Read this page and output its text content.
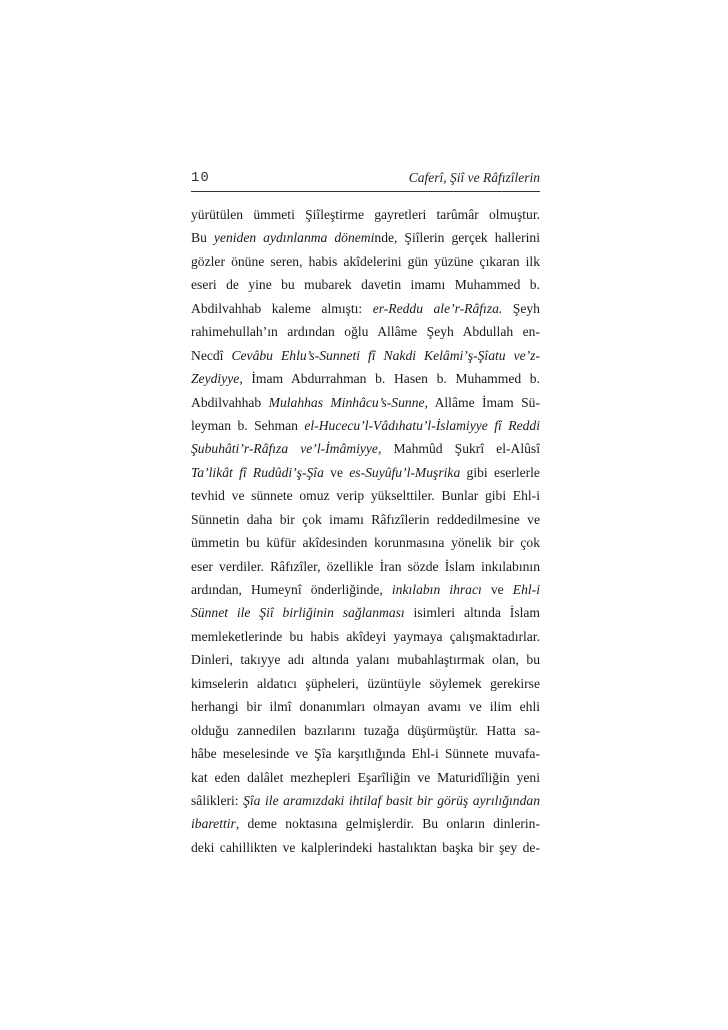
10	Caferî, Şiî ve Râfızîlerin
yürütülen ümmeti Şiîleştirme gayretleri tarûmâr olmuştur.
Bu yeniden aydınlanma döneminde, Şiîlerin gerçek hallerini
gözler önüne seren, habis akîdelerini gün yüzüne çıkaran ilk
eseri de yine bu mubarek davetin imamı Muhammed b.
Abdilvahhab kaleme almıştı: er-Reddu ale’r-Râfıza. Şeyh
rahimehullah’ın ardından oğlu Allâme Şeyh Abdullah en-
Necdî Cevâbu Ehlu’s-Sunneti fî Nakdi Kelâmi’ş-Şîatu ve’z-
Zeydiyye, İmam Abdurrahman b. Hasen b. Muhammed b.
Abdilvahhab Mulahhas Minhâcu’s-Sunne, Allâme İmam Sü-
leyman b. Sehman el-Hucecu’l-Vâdıhatu’l-İslamiyye fî Reddi
Şubuhâti’r-Râfıza ve’l-İmâmiyye, Mahmûd Şukrî el-Alûsî
Ta’likât fî Rudûdi’ş-Şîa ve es-Suyûfu’l-Muşrika gibi eserlerle
tevhid ve sünnete omuz verip yükselttiler. Bunlar gibi Ehl-i
Sünnetin daha bir çok imamı Râfızîlerin reddedilmesine ve
ümmetin bu küfür akîdesinden korunmasına yönelik bir çok
eser verdiler. Râfızîler, özellikle İran sözde İslam inkılabının
ardından, Humeynî önderliğinde, inkılabın ihracı ve Ehl-i
Sünnet ile Şiî birliğinin sağlanması isimleri altında İslam
memleketlerinde bu habis akîdeyi yaymaya çalışmaktadırlar.
Dinleri, takıyye adı altında yalanı mubahlaştırmak olan, bu
kimselerin aldatıcı şüpheleri, üzüntüyle söylemek gerekirse
herhangi bir ilmî donanımları olmayan avamı ve ilim ehli
olduğu zannedilen bazılarını tuzağa düşürmüştür. Hatta sa-
hâbe meselesinde ve Şîa karşıtlığında Ehl-i Sünnete muvafa-
kat eden dalâlet mezhepleri Eşarîliğin ve Maturidîliğin yeni
sâlikleri: Şîa ile aramızdaki ihtilaf basit bir görüş ayrılığından
ibarettir, deme noktasına gelmişlerdir. Bu onların dinlerin-
deki cahillikten ve kalplerindeki hastalıktan başka bir şey de-
